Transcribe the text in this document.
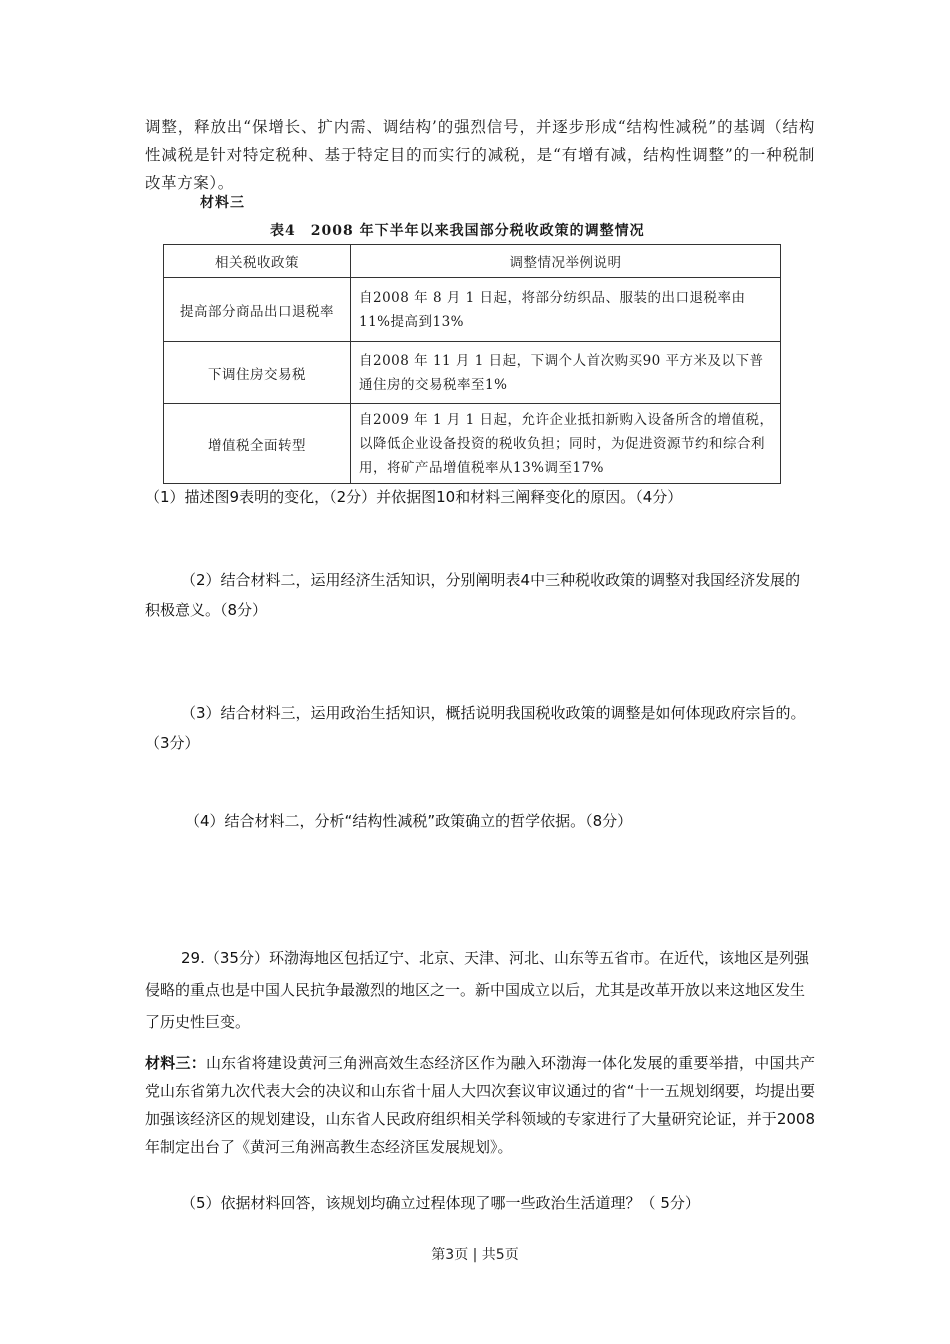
调整，释放出“保增长、扩内需、调结构’的强烈信号，并逐步形成“结构性减税”的基调（结构性减税是针对特定税种、基于特定目的而实行的减税，是“有增有减，结构性调整”的一种税制改革方案）。
材料三
表4　2008 年下半年以来我国部分税收政策的调整情况
相关税收政策	调整情况举例说明
提高部分商品出口退税率	自2008 年 8 月 1 日起，将部分纺织品、服装的出口退税率由11%提高到13%
下调住房交易税	自2008 年 11 月 1 日起，下调个人首次购买90 平方米及以下普通住房的交易税率至1%
增值税全面转型	自2009 年 1 月 1 日起，允许企业抵扣新购入设备所含的增值税，以降低企业设备投资的税收负担；同时，为促进资源节约和综合利用，将矿产品增值税率从13%调至17%
（1）描述图9表明的变化，（2分）并依据图10和材料三阐释变化的原因。（4分）
（2）结合材料二，运用经济生活知识，分别阐明表4中三种税收政策的调整对我国经济发展的积极意义。（8分）
（3）结合材料三，运用政治生括知识，概括说明我国税收政策的调整是如何体现政府宗旨的。（3分）
（4）结合材料二，分析“结构性减税”政策确立的哲学依据。（8分）
29.（35分）环渤海地区包括辽宁、北京、天津、河北、山东等五省市。在近代，该地区是列强侵略的重点也是中国人民抗争最激烈的地区之一。新中国成立以后，尤其是改革开放以来这地区发生了历史性巨变。
材料三：山东省将建设黄河三角洲高效生态经济区作为融入环渤海一体化发展的重要举措，中国共产党山东省第九次代表大会的决议和山东省十届人大四次套议审议通过的省“十一五规划纲要，均提出要加强该经济区的规划建设，山东省人民政府组织相关学科领域的专家进行了大量研究论证，并于2008年制定出台了《黄河三角洲高教生态经济匡发展规划》。
（5）依据材料回答，该规划均确立过程体现了哪一些政治生活道理？（ 5分）
第3页 | 共5页
